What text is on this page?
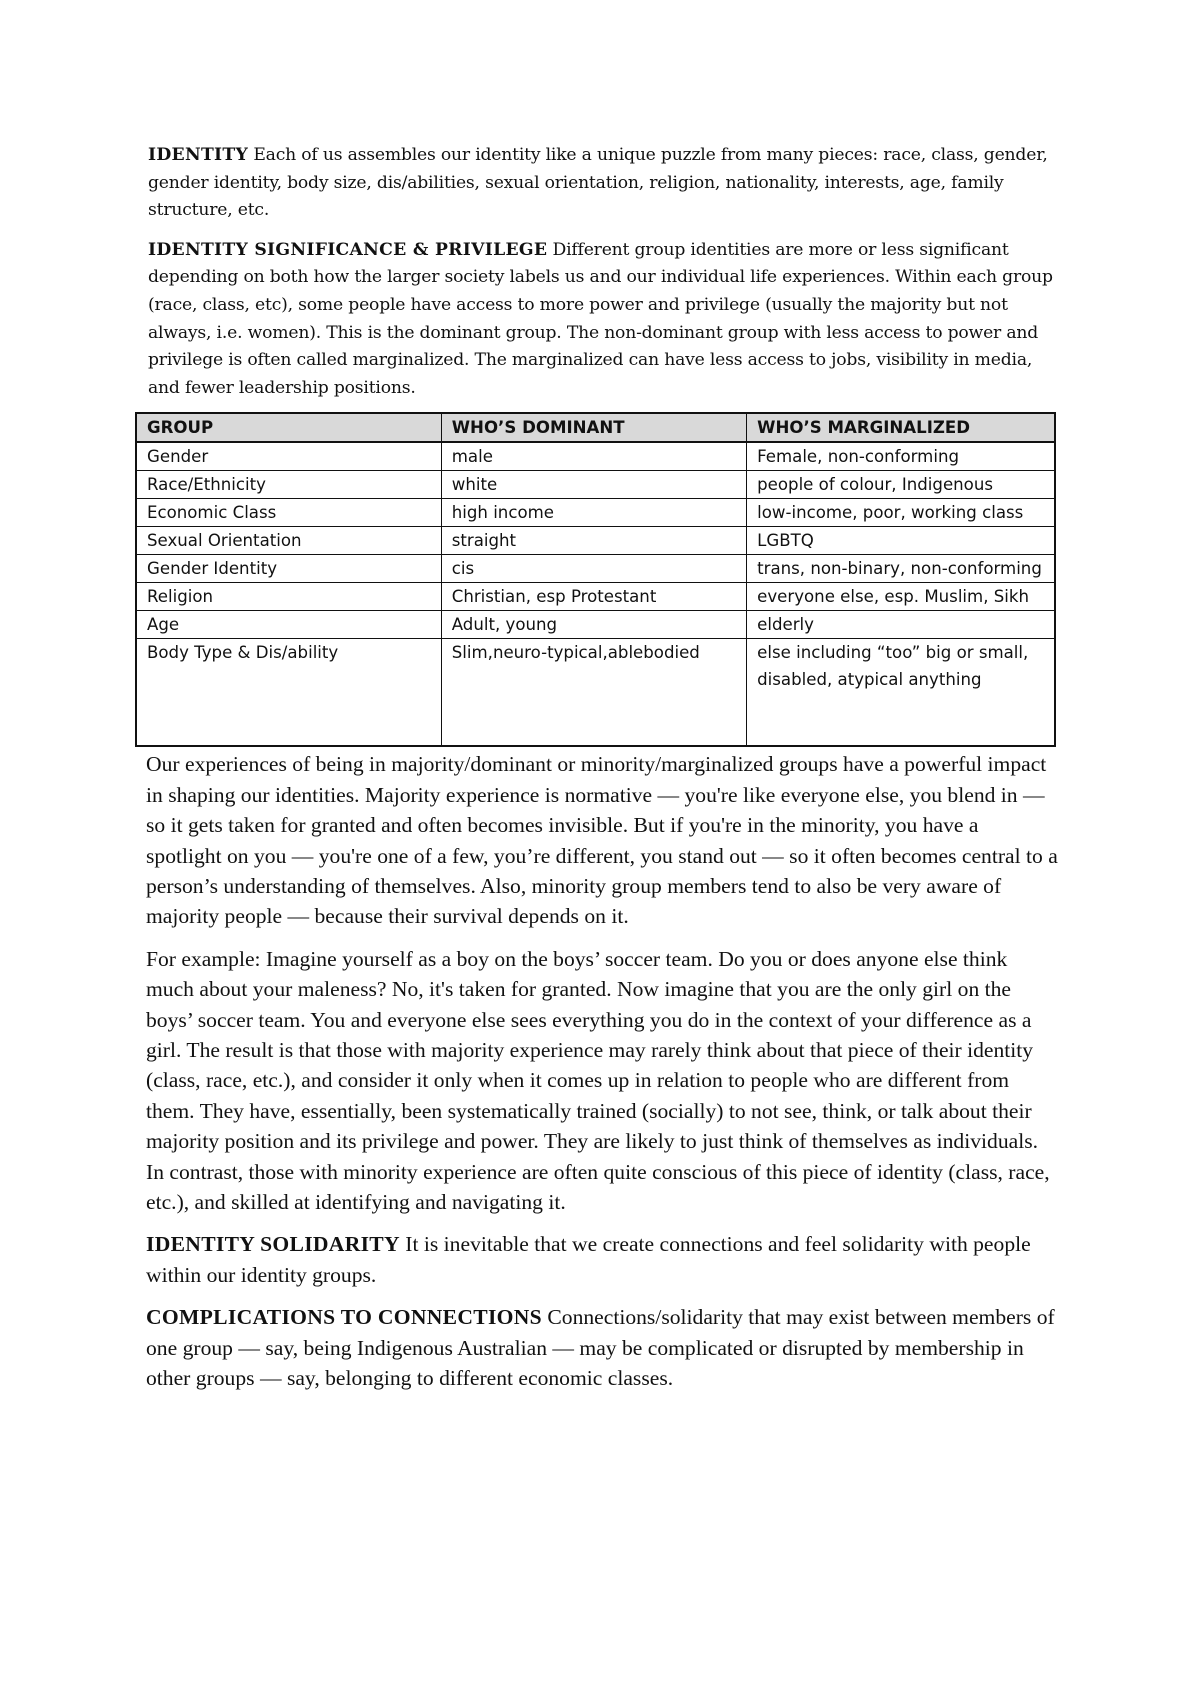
IDENTITY Each of us assembles our identity like a unique puzzle from many pieces: race, class, gender, gender identity, body size, dis/abilities, sexual orientation, religion, nationality, interests, age, family structure, etc.

IDENTITY SIGNIFICANCE & PRIVILEGE Different group identities are more or less significant depending on both how the larger society labels us and our individual life experiences. Within each group (race, class, etc), some people have access to more power and privilege (usually the majority but not always, i.e. women). This is the dominant group. The non-dominant group with less access to power and privilege is often called marginalized. The marginalized can have less access to jobs, visibility in media, and fewer leadership positions.

GROUP	WHO’S DOMINANT	WHO’S MARGINALIZED
Gender	male	Female, non-conforming
Race/Ethnicity	white	people of colour, Indigenous
Economic Class	high income	low-income, poor, working class
Sexual Orientation	straight	LGBTQ
Gender Identity	cis	trans, non-binary, non-conforming
Religion	Christian, esp Protestant	everyone else, esp. Muslim, Sikh
Age	Adult, young	elderly
Body Type & Dis/ability	Slim,neuro-typical,ablebodied	else including “too” big or small, disabled, atypical anything

Our experiences of being in majority/dominant or minority/marginalized groups have a powerful impact in shaping our identities. Majority experience is normative — you're like everyone else, you blend in — so it gets taken for granted and often becomes invisible. But if you're in the minority, you have a spotlight on you — you're one of a few, you’re different, you stand out — so it often becomes central to a person’s understanding of themselves. Also, minority group members tend to also be very aware of majority people — because their survival depends on it.

For example: Imagine yourself as a boy on the boys’ soccer team. Do you or does anyone else think much about your maleness? No, it's taken for granted. Now imagine that you are the only girl on the boys’ soccer team. You and everyone else sees everything you do in the context of your difference as a girl. The result is that those with majority experience may rarely think about that piece of their identity (class, race, etc.), and consider it only when it comes up in relation to people who are different from them. They have, essentially, been systematically trained (socially) to not see, think, or talk about their majority position and its privilege and power. They are likely to just think of themselves as individuals. In contrast, those with minority experience are often quite conscious of this piece of identity (class, race, etc.), and skilled at identifying and navigating it.

IDENTITY SOLIDARITY It is inevitable that we create connections and feel solidarity with people within our identity groups.

COMPLICATIONS TO CONNECTIONS Connections/solidarity that may exist between members of one group — say, being Indigenous Australian — may be complicated or disrupted by membership in other groups — say, belonging to different economic classes.
